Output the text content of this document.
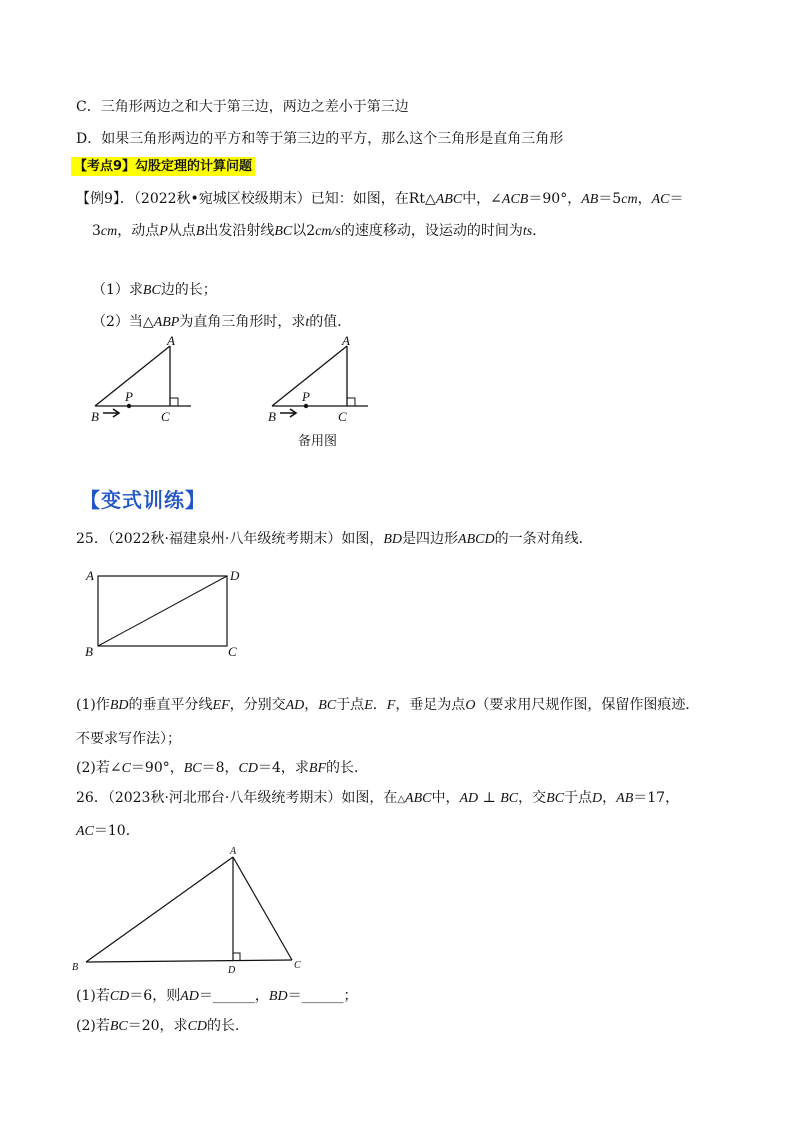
C．三角形两边之和大于第三边，两边之差小于第三边
D．如果三角形两边的平方和等于第三边的平方，那么这个三角形是直角三角形
【考点9】勾股定理的计算问题
【例9】．（2022秋•宛城区校级期末）已知：如图，在Rt△ABC中，∠ACB＝90°，AB＝5cm，AC＝
3cm，动点P从点B出发沿射线BC以2cm/s的速度移动，设运动的时间为ts．
（1）求BC边的长；
（2）当△ABP为直角三角形时，求t的值．
A
B	C
P
A
B	C
P
备用图
【变式训练】
25．（2022秋·福建泉州·八年级统考期末）如图，BD是四边形ABCD的一条对角线．
A	D
B	C
(1)作BD的垂直平分线EF，分别交AD，BC于点E．F，垂足为点O（要求用尺规作图，保留作图痕迹．
不要求写作法）；
(2)若∠C＝90°，BC＝8，CD＝4，求BF的长．
26．（2023秋·河北邢台·八年级统考期末）如图，在△ABC中，AD ⊥ BC，交BC于点D，AB＝17，
AC＝10．
A
B	C
D
(1)若CD＝6，则AD＝______，BD＝______；
(2)若BC＝20，求CD的长．
